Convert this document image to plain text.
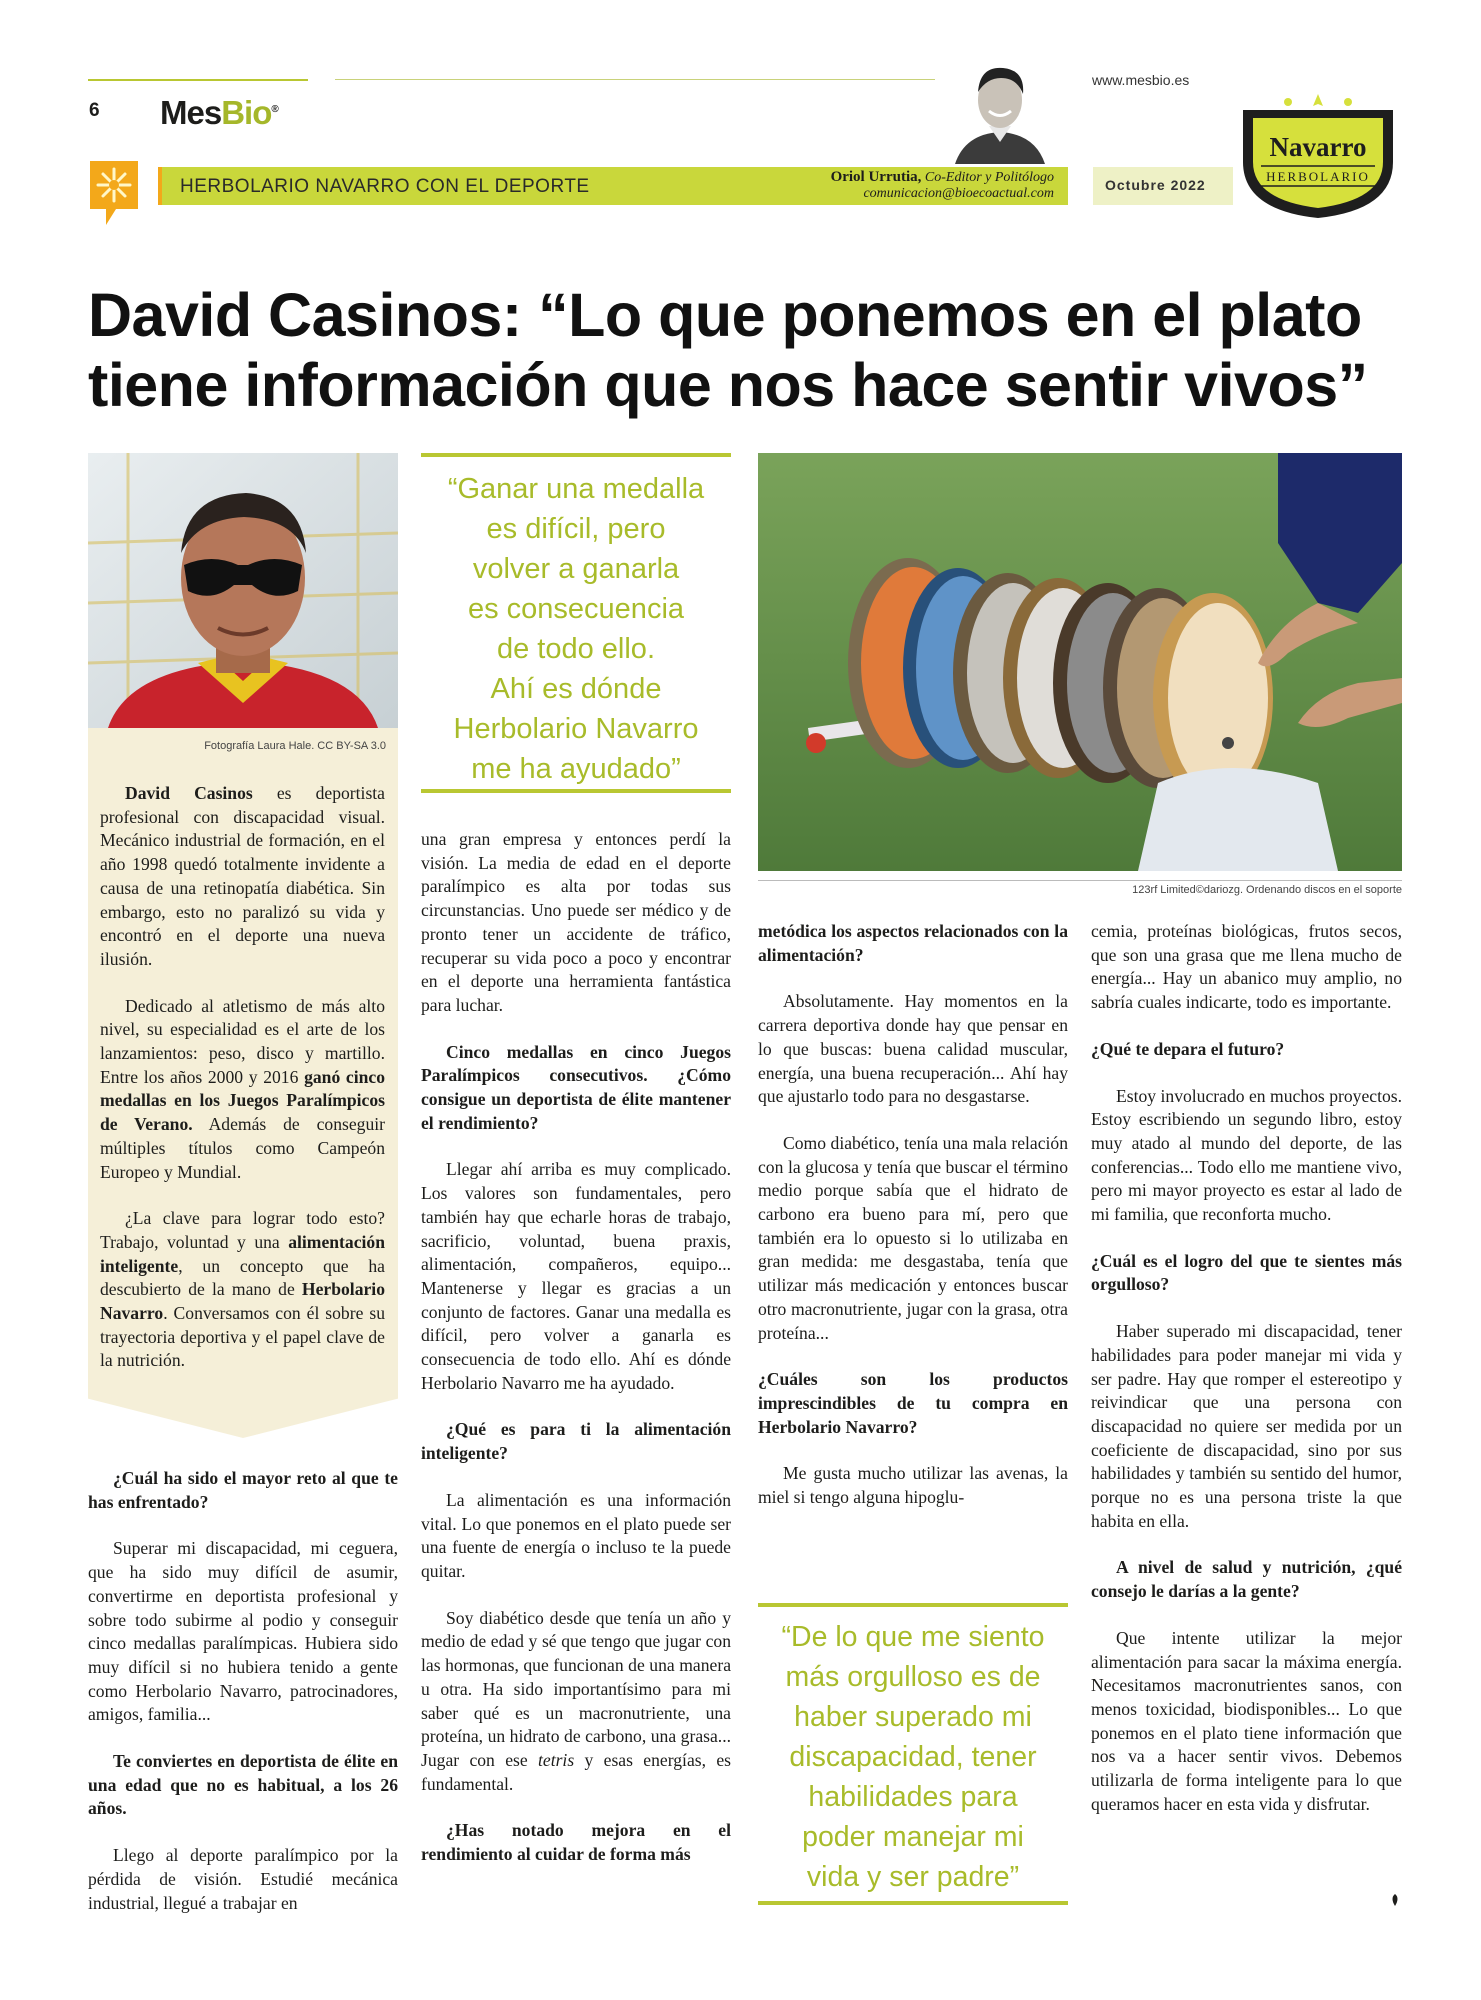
6 MesBio®
www.mesbio.es
HERBOLARIO NAVARRO CON EL DEPORTE	Oriol Urrutia, Co-Editor y Politólogo
comunicacion@bioecoactual.com
Octubre 2022
Navarro
HERBOLARIO
David Casinos: “Lo que ponemos en el plato
tiene información que nos hace sentir vivos”
Fotografía Laura Hale. CC BY-SA 3.0

David Casinos es deportista profesional con discapacidad visual. Mecánico industrial de formación, en el año 1998 quedó totalmente invidente a causa de una retinopatía diabética. Sin embargo, esto no paralizó su vida y encontró en el deporte una nueva ilusión.

Dedicado al atletismo de más alto nivel, su especialidad es el arte de los lanzamientos: peso, disco y martillo. Entre los años 2000 y 2016 ganó cinco medallas en los Juegos Paralímpicos de Verano. Además de conseguir múltiples títulos como Campeón Europeo y Mundial.

¿La clave para lograr todo esto? Trabajo, voluntad y una alimentación inteligente, un concepto que ha descubierto de la mano de Herbolario Navarro. Conversamos con él sobre su trayectoria deportiva y el papel clave de la nutrición.

¿Cuál ha sido el mayor reto al que te has enfrentado?

Superar mi discapacidad, mi ceguera, que ha sido muy difícil de asumir, convertirme en deportista profesional y sobre todo subirme al podio y conseguir cinco medallas paralímpicas. Hubiera sido muy difícil si no hubiera tenido a gente como Herbolario Navarro, patrocinadores, amigos, familia...

Te conviertes en deportista de élite en una edad que no es habitual, a los 26 años.

Llego al deporte paralímpico por la pérdida de visión. Estudié mecánica industrial, llegué a trabajar en

“Ganar una medalla
es difícil, pero
volver a ganarla
es consecuencia
de todo ello.
Ahí es dónde
Herbolario Navarro
me ha ayudado”

una gran empresa y entonces perdí la visión. La media de edad en el deporte paralímpico es alta por todas sus circunstancias. Uno puede ser médico y de pronto tener un accidente de tráfico, recuperar su vida poco a poco y encontrar en el deporte una herramienta fantástica para luchar.

Cinco medallas en cinco Juegos Paralímpicos consecutivos. ¿Cómo consigue un deportista de élite mantener el rendimiento?

Llegar ahí arriba es muy complicado. Los valores son fundamentales, pero también hay que echarle horas de trabajo, sacrificio, voluntad, buena praxis, alimentación, compañeros, equipo... Mantenerse y llegar es gracias a un conjunto de factores. Ganar una medalla es difícil, pero volver a ganarla es consecuencia de todo ello. Ahí es dónde Herbolario Navarro me ha ayudado.

¿Qué es para ti la alimentación inteligente?

La alimentación es una información vital. Lo que ponemos en el plato puede ser una fuente de energía o incluso te la puede quitar.

Soy diabético desde que tenía un año y medio de edad y sé que tengo que jugar con las hormonas, que funcionan de una manera u otra. Ha sido importantísimo para mi saber qué es un macronutriente, una proteína, un hidrato de carbono, una grasa... Jugar con ese tetris y esas energías, es fundamental.

¿Has notado mejora en el rendimiento al cuidar de forma más

123rf Limited©dariozg. Ordenando discos en el soporte

metódica los aspectos relacionados con la alimentación?

Absolutamente. Hay momentos en la carrera deportiva donde hay que pensar en lo que buscas: buena calidad muscular, energía, una buena recuperación... Ahí hay que ajustarlo todo para no desgastarse.

Como diabético, tenía una mala relación con la glucosa y tenía que buscar el término medio porque sabía que el hidrato de carbono era bueno para mí, pero que también era lo opuesto si lo utilizaba en gran medida: me desgastaba, tenía que utilizar más medicación y entonces buscar otro macronutriente, jugar con la grasa, otra proteína...

¿Cuáles son los productos imprescindibles de tu compra en Herbolario Navarro?

Me gusta mucho utilizar las avenas, la miel si tengo alguna hipoglu-

“De lo que me siento
más orgulloso es de
haber superado mi
discapacidad, tener
habilidades para
poder manejar mi
vida y ser padre”

cemia, proteínas biológicas, frutos secos, que son una grasa que me llena mucho de energía... Hay un abanico muy amplio, no sabría cuales indicarte, todo es importante.

¿Qué te depara el futuro?

Estoy involucrado en muchos proyectos. Estoy escribiendo un segundo libro, estoy muy atado al mundo del deporte, de las conferencias... Todo ello me mantiene vivo, pero mi mayor proyecto es estar al lado de mi familia, que reconforta mucho.

¿Cuál es el logro del que te sientes más orgulloso?

Haber superado mi discapacidad, tener habilidades para poder manejar mi vida y ser padre. Hay que romper el estereotipo y reivindicar que una persona con discapacidad no quiere ser medida por un coeficiente de discapacidad, sino por sus habilidades y también su sentido del humor, porque no es una persona triste la que habita en ella.

A nivel de salud y nutrición, ¿qué consejo le darías a la gente?

Que intente utilizar la mejor alimentación para sacar la máxima energía. Necesitamos macronutrientes sanos, con menos toxicidad, biodisponibles... Lo que ponemos en el plato tiene información que nos va a hacer sentir vivos. Debemos utilizarla de forma inteligente para lo que queramos hacer en esta vida y disfrutar.
